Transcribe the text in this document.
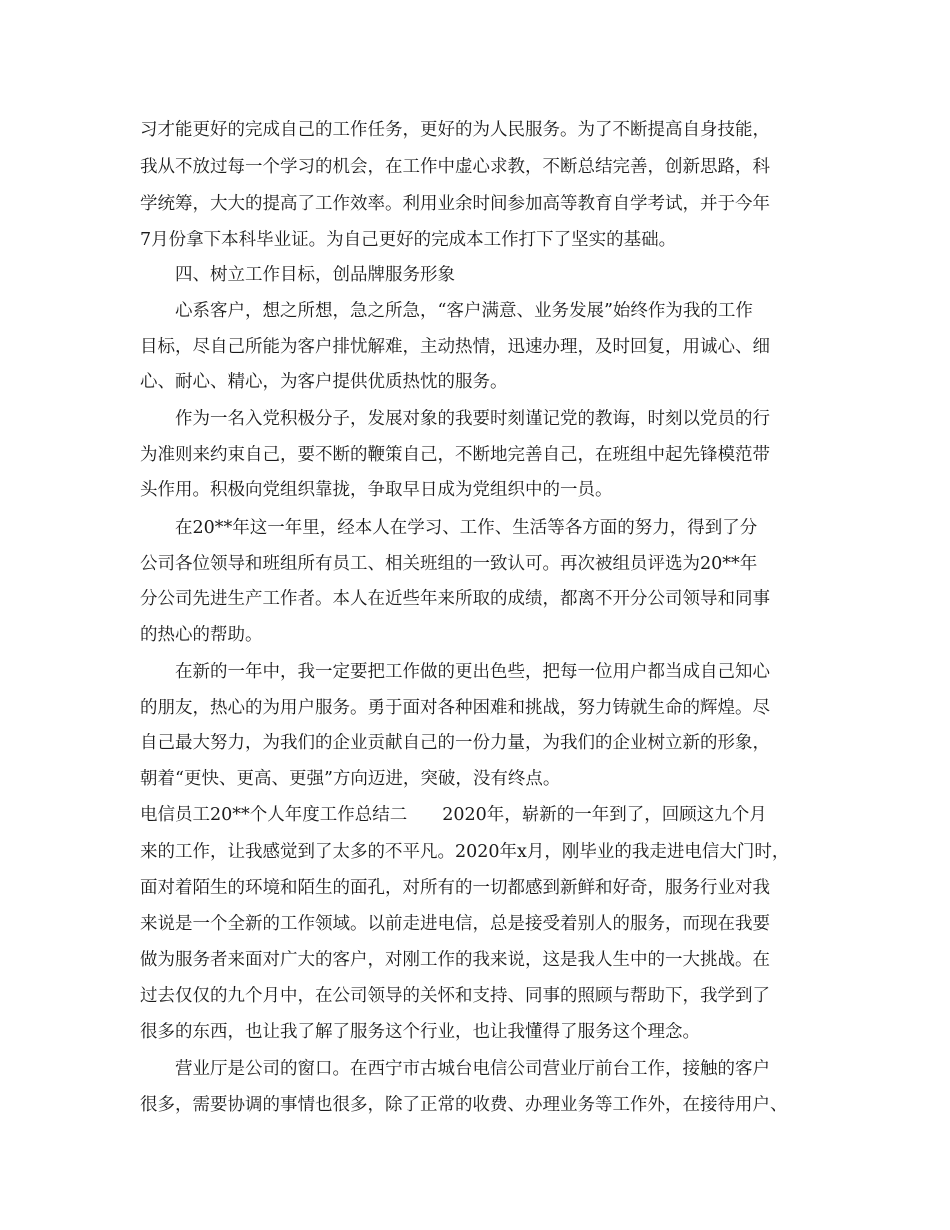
习才能更好的完成自己的工作任务，更好的为人民服务。为了不断提高自身技能，
我从不放过每一个学习的机会，在工作中虚心求教，不断总结完善，创新思路，科
学统筹，大大的提高了工作效率。利用业余时间参加高等教育自学考试，并于今年
7月份拿下本科毕业证。为自己更好的完成本工作打下了坚实的基础。
四、树立工作目标，创品牌服务形象
心系客户，想之所想，急之所急，“客户满意、业务发展”始终作为我的工作
目标，尽自己所能为客户排忧解难，主动热情，迅速办理，及时回复，用诚心、细
心、耐心、精心，为客户提供优质热忱的服务。
作为一名入党积极分子，发展对象的我要时刻谨记党的教诲，时刻以党员的行
为准则来约束自己，要不断的鞭策自己，不断地完善自己，在班组中起先锋模范带
头作用。积极向党组织靠拢，争取早日成为党组织中的一员。
在20**年这一年里，经本人在学习、工作、生活等各方面的努力，得到了分
公司各位领导和班组所有员工、相关班组的一致认可。再次被组员评选为20**年
分公司先进生产工作者。本人在近些年来所取的成绩，都离不开分公司领导和同事
的热心的帮助。
在新的一年中，我一定要把工作做的更出色些，把每一位用户都当成自己知心
的朋友，热心的为用户服务。勇于面对各种困难和挑战，努力铸就生命的辉煌。尽
自己最大努力，为我们的企业贡献自己的一份力量，为我们的企业树立新的形象，
朝着“更快、更高、更强”方向迈进，突破，没有终点。
电信员工20**个人年度工作总结二　　2020年，崭新的一年到了，回顾这九个月
来的工作，让我感觉到了太多的不平凡。2020年x月，刚毕业的我走进电信大门时，
面对着陌生的环境和陌生的面孔，对所有的一切都感到新鲜和好奇，服务行业对我
来说是一个全新的工作领域。以前走进电信，总是接受着别人的服务，而现在我要
做为服务者来面对广大的客户，对刚工作的我来说，这是我人生中的一大挑战。在
过去仅仅的九个月中，在公司领导的关怀和支持、同事的照顾与帮助下，我学到了
很多的东西，也让我了解了服务这个行业，也让我懂得了服务这个理念。
营业厅是公司的窗口。在西宁市古城台电信公司营业厅前台工作，接触的客户
很多，需要协调的事情也很多，除了正常的收费、办理业务等工作外，在接待用户、
